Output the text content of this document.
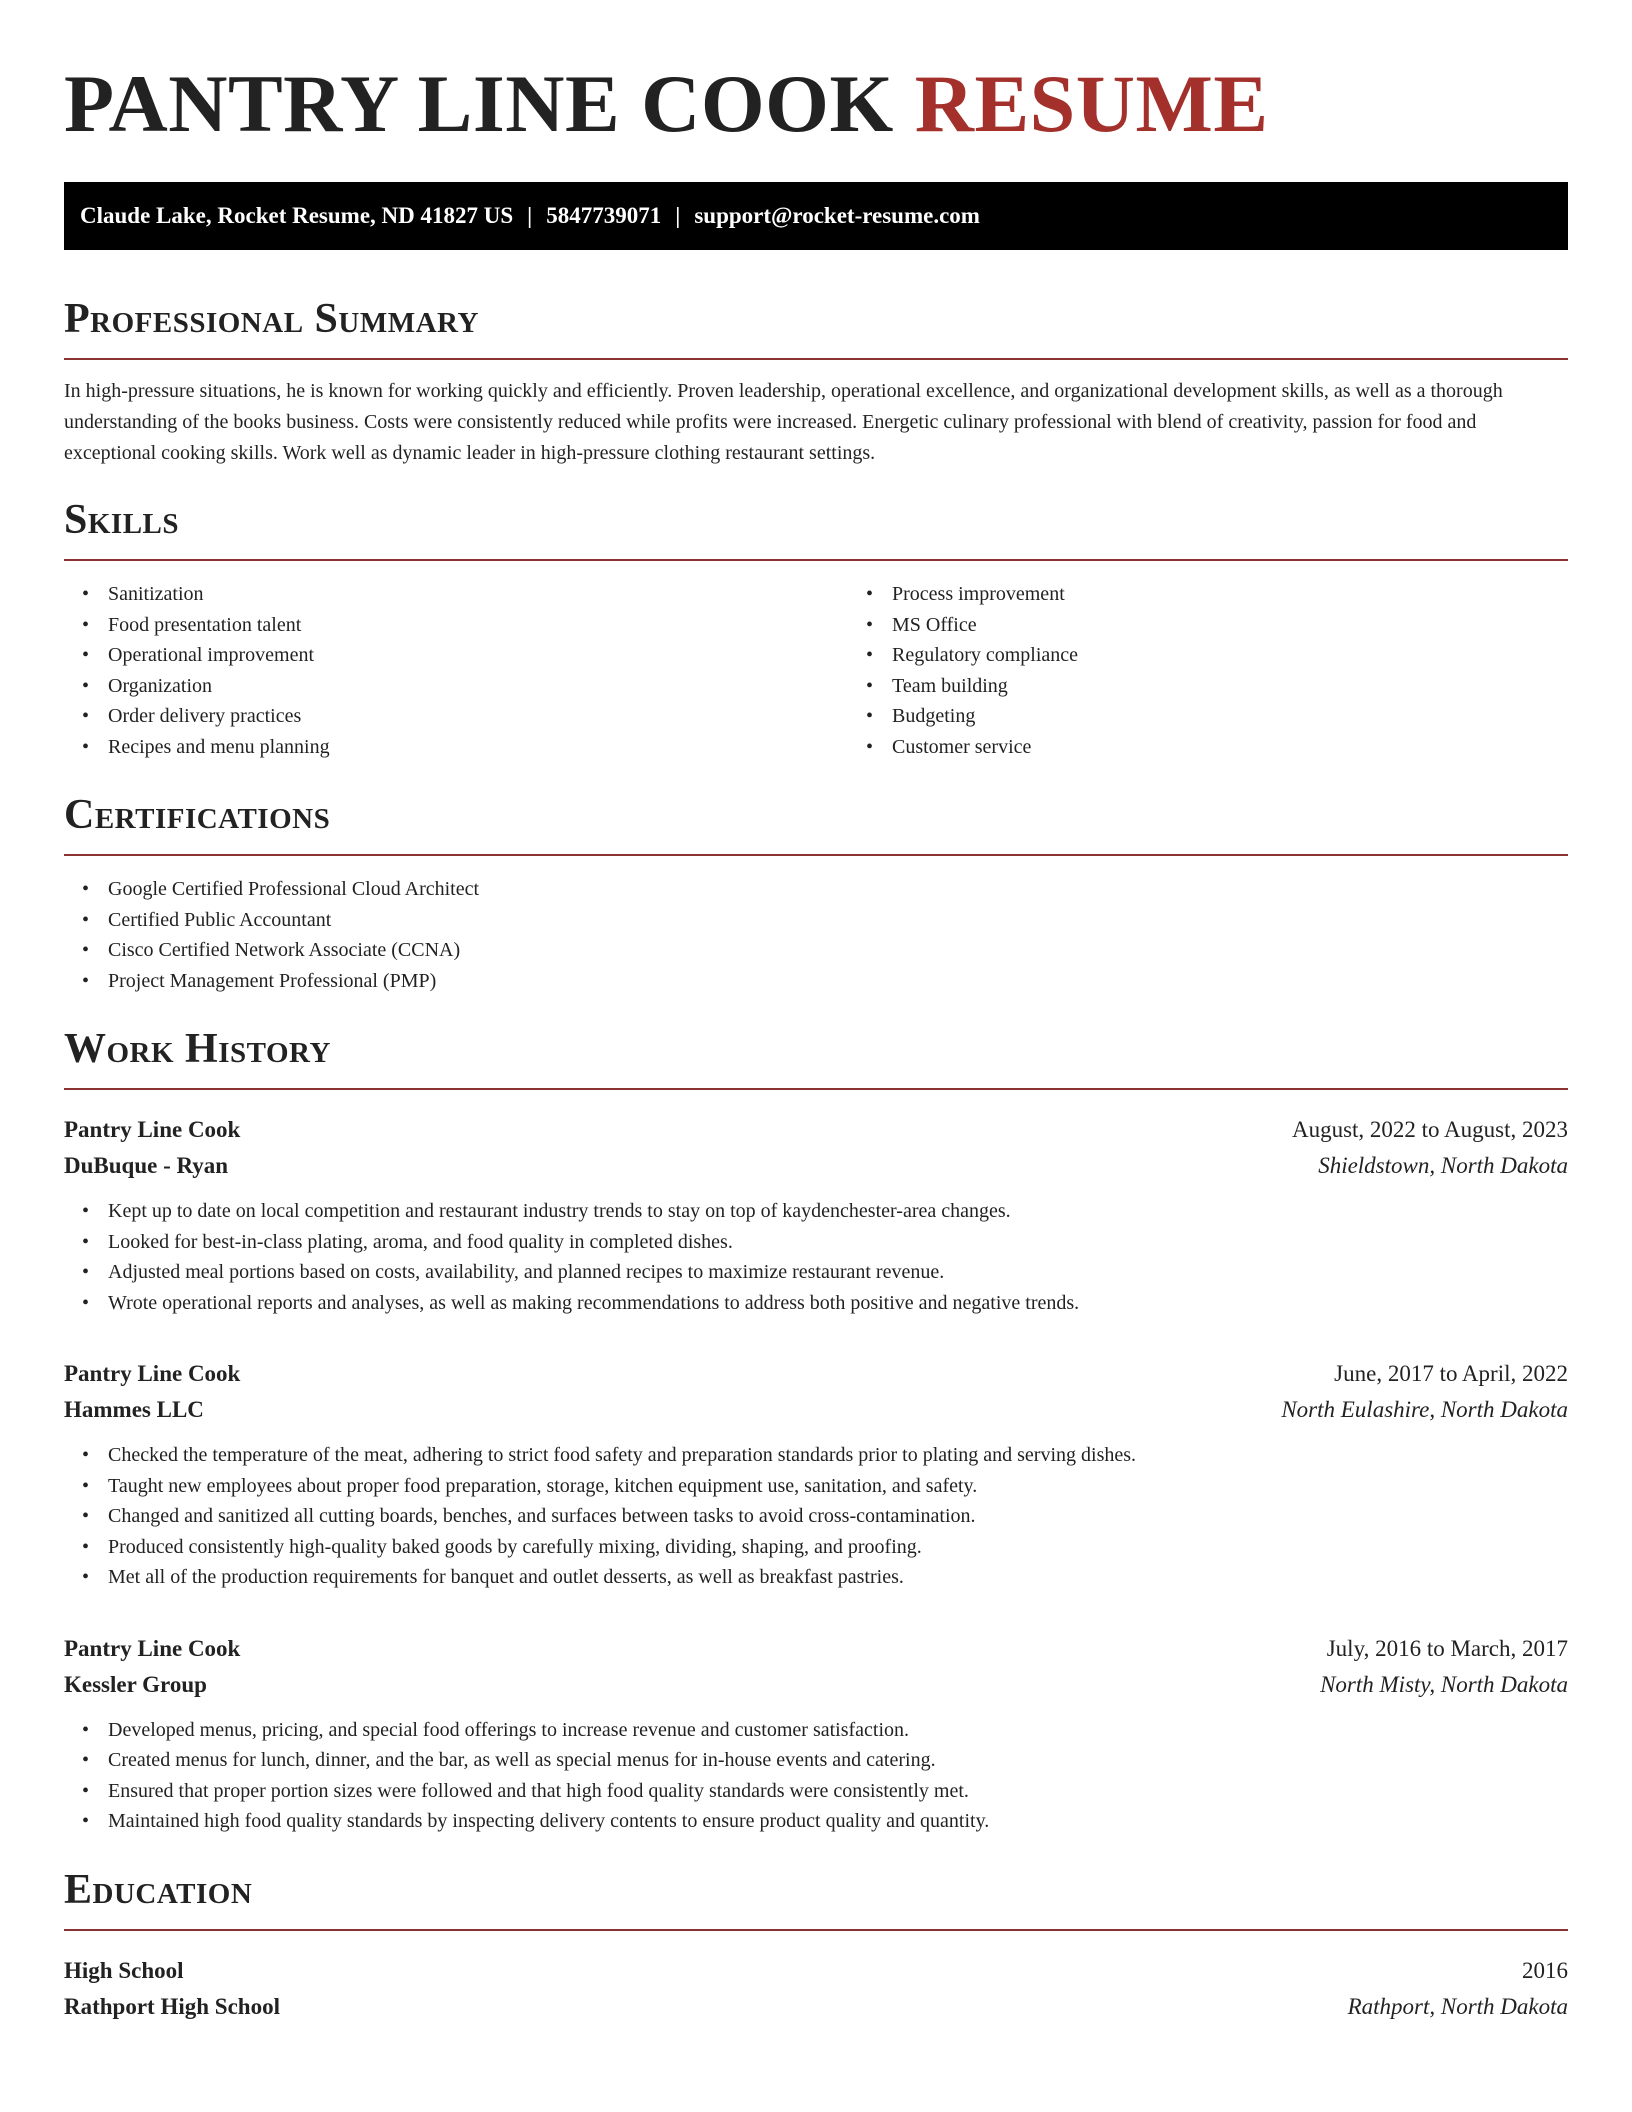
PANTRY LINE COOK RESUME
Claude Lake, Rocket Resume, ND 41827 US | 5847739071 | support@rocket-resume.com
Professional Summary

In high-pressure situations, he is known for working quickly and efficiently. Proven leadership, operational excellence, and organizational development skills, as well as a thorough understanding of the books business. Costs were consistently reduced while profits were increased. Energetic culinary professional with blend of creativity, passion for food and exceptional cooking skills. Work well as dynamic leader in high-pressure clothing restaurant settings.

Skills
• Sanitization
• Food presentation talent
• Operational improvement
• Organization
• Order delivery practices
• Recipes and menu planning
• Process improvement
• MS Office
• Regulatory compliance
• Team building
• Budgeting
• Customer service
Certifications
• Google Certified Professional Cloud Architect
• Certified Public Accountant
• Cisco Certified Network Associate (CCNA)
• Project Management Professional (PMP)
Work History
Pantry Line Cook	August, 2022 to August, 2023
DuBuque - Ryan	Shieldstown, North Dakota
• Kept up to date on local competition and restaurant industry trends to stay on top of kaydenchester-area changes.
• Looked for best-in-class plating, aroma, and food quality in completed dishes.
• Adjusted meal portions based on costs, availability, and planned recipes to maximize restaurant revenue.
• Wrote operational reports and analyses, as well as making recommendations to address both positive and negative trends.
Pantry Line Cook	June, 2017 to April, 2022
Hammes LLC	North Eulashire, North Dakota
• Checked the temperature of the meat, adhering to strict food safety and preparation standards prior to plating and serving dishes.
• Taught new employees about proper food preparation, storage, kitchen equipment use, sanitation, and safety.
• Changed and sanitized all cutting boards, benches, and surfaces between tasks to avoid cross-contamination.
• Produced consistently high-quality baked goods by carefully mixing, dividing, shaping, and proofing.
• Met all of the production requirements for banquet and outlet desserts, as well as breakfast pastries.
Pantry Line Cook	July, 2016 to March, 2017
Kessler Group	North Misty, North Dakota
• Developed menus, pricing, and special food offerings to increase revenue and customer satisfaction.
• Created menus for lunch, dinner, and the bar, as well as special menus for in-house events and catering.
• Ensured that proper portion sizes were followed and that high food quality standards were consistently met.
• Maintained high food quality standards by inspecting delivery contents to ensure product quality and quantity.
Education
High School	2016
Rathport High School	Rathport, North Dakota
